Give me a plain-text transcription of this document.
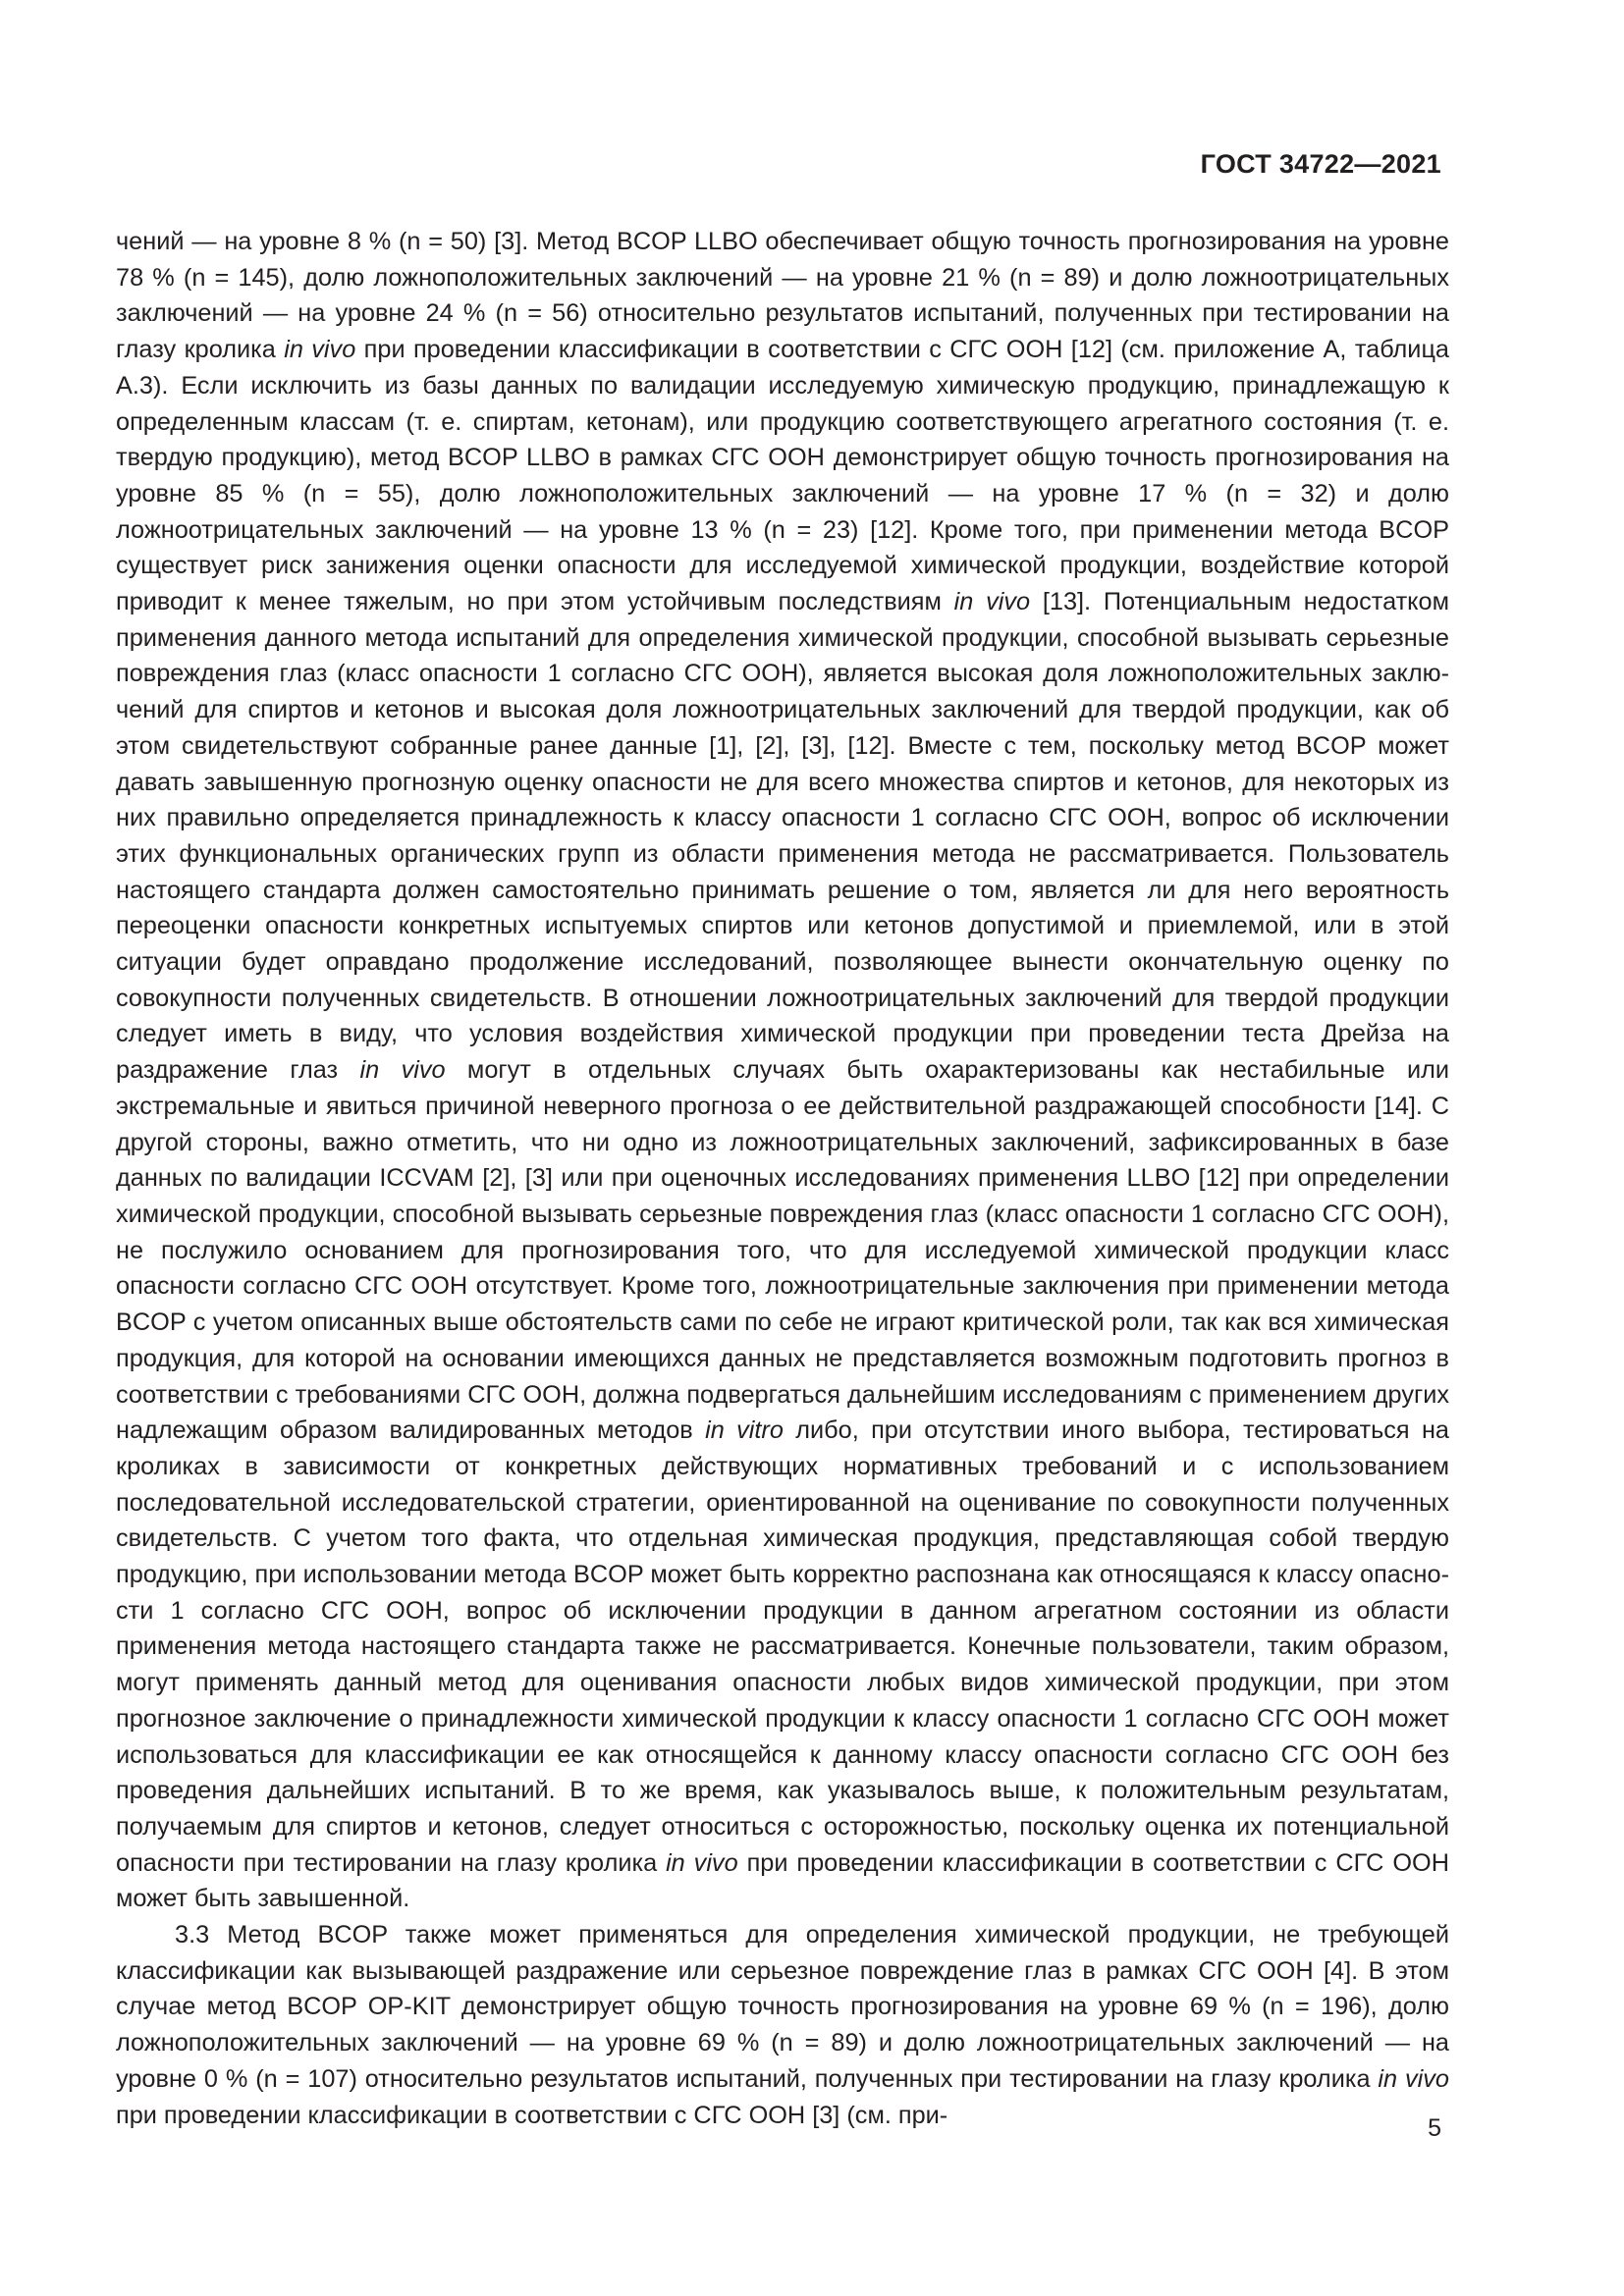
ГОСТ 34722—2021

чений — на уровне 8 % (n = 50) [3]. Метод BCOP LLBO обеспечивает общую точность прогнозирования на уровне 78 % (n = 145), долю ложноположительных заключений — на уровне 21 % (n = 89) и долю ложноотрицательных заключений — на уровне 24 % (n = 56) относительно результатов испытаний, полученных при тестировании на глазу кролика in vivo при проведении классификации в соответствии с СГС ООН [12] (см. приложение А, таблица А.3). Если исключить из базы данных по валидации исследуемую химическую продукцию, принадлежащую к определенным классам (т. е. спиртам, кетонам), или продукцию соответствующего агрегатного состояния (т. е. твердую продукцию), метод BCOP LLBO в рамках СГС ООН демонстрирует общую точность прогнозирования на уровне 85 % (n = 55), долю ложноположительных заключений — на уровне 17 % (n = 32) и долю ложноотрицательных заключений — на уровне 13 % (n = 23) [12]. Кроме того, при применении метода BCOP существует риск занижения оценки опасности для исследуемой химической продукции, воздействие которой приводит к менее тяжелым, но при этом устойчивым последствиям in vivo [13]. Потенциальным недостатком применения данного метода испытаний для определения химической продукции, способной вызывать серьезные повреждения глаз (класс опасности 1 согласно СГС ООН), является высокая доля ложноположительных заключений для спиртов и кетонов и высокая доля ложноотрицательных заключений для твердой продукции, как об этом свидетельствуют собранные ранее данные [1], [2], [3], [12]. Вместе с тем, поскольку метод BCOP может давать завышенную прогнозную оценку опасности не для всего множества спиртов и кетонов, для некоторых из них правильно определяется принадлежность к классу опасности 1 согласно СГС ООН, вопрос об исключении этих функциональных органических групп из области применения метода не рассматривается. Пользователь настоящего стандарта должен самостоятельно принимать решение о том, является ли для него вероятность переоценки опасности конкретных испытуемых спиртов или кетонов допустимой и приемлемой, или в этой ситуации будет оправдано продолжение исследований, позволяющее вынести окончательную оценку по совокупности полученных свидетельств. В отношении ложноотрицательных заключений для твердой продукции следует иметь в виду, что условия воздействия химической продукции при проведении теста Дрейза на раздражение глаз in vivo могут в отдельных случаях быть охарактеризованы как нестабильные или экстремальные и явиться причиной неверного прогноза о ее действительной раздражающей способности [14]. С другой стороны, важно отметить, что ни одно из ложноотрицательных заключений, зафиксированных в базе данных по валидации ICCVAM [2], [3] или при оценочных исследованиях применения LLBO [12] при определении химической продукции, способной вызывать серьезные повреждения глаз (класс опасности 1 согласно СГС ООН), не послужило основанием для прогнозирования того, что для исследуемой химической продукции класс опасности согласно СГС ООН отсутствует. Кроме того, ложноотрицательные заключения при применении метода BCOP с учетом описанных выше обстоятельств сами по себе не играют критической роли, так как вся химическая продукция, для которой на основании имеющихся данных не представляется возможным подготовить прогноз в соответствии с требованиями СГС ООН, должна подвергаться дальнейшим исследованиям с применением других надлежащим образом валидированных методов in vitro либо, при отсутствии иного выбора, тестироваться на кроликах в зависимости от конкретных действующих нормативных требований и с использованием последовательной исследовательской стратегии, ориентированной на оценивание по совокупности полученных свидетельств. С учетом того факта, что отдельная химическая продукция, представляющая собой твердую продукцию, при использовании метода BCOP может быть корректно распознана как относящаяся к классу опасности 1 согласно СГС ООН, вопрос об исключении продукции в данном агрегатном состоянии из области применения метода настоящего стандарта также не рассматривается. Конечные пользователи, таким образом, могут применять данный метод для оценивания опасности любых видов химической продукции, при этом прогнозное заключение о принадлежности химической продукции к классу опасности 1 согласно СГС ООН может использоваться для классификации ее как относящейся к данному классу опасности согласно СГС ООН без проведения дальнейших испытаний. В то же время, как указывалось выше, к положительным результатам, получаемым для спиртов и кетонов, следует относиться с осторожностью, поскольку оценка их потенциальной опасности при тестировании на глазу кролика in vivo при проведении классификации в соответствии с СГС ООН может быть завышенной.

3.3 Метод BCOP также может применяться для определения химической продукции, не требующей классификации как вызывающей раздражение или серьезное повреждение глаз в рамках СГС ООН [4]. В этом случае метод BCOP OP-KIT демонстрирует общую точность прогнозирования на уровне 69 % (n = 196), долю ложноположительных заключений — на уровне 69 % (n = 89) и долю ложноотрицательных заключений — на уровне 0 % (n = 107) относительно результатов испытаний, полученных при тестировании на глазу кролика in vivo при проведении классификации в соответствии с СГС ООН [3] (см. при-	5
